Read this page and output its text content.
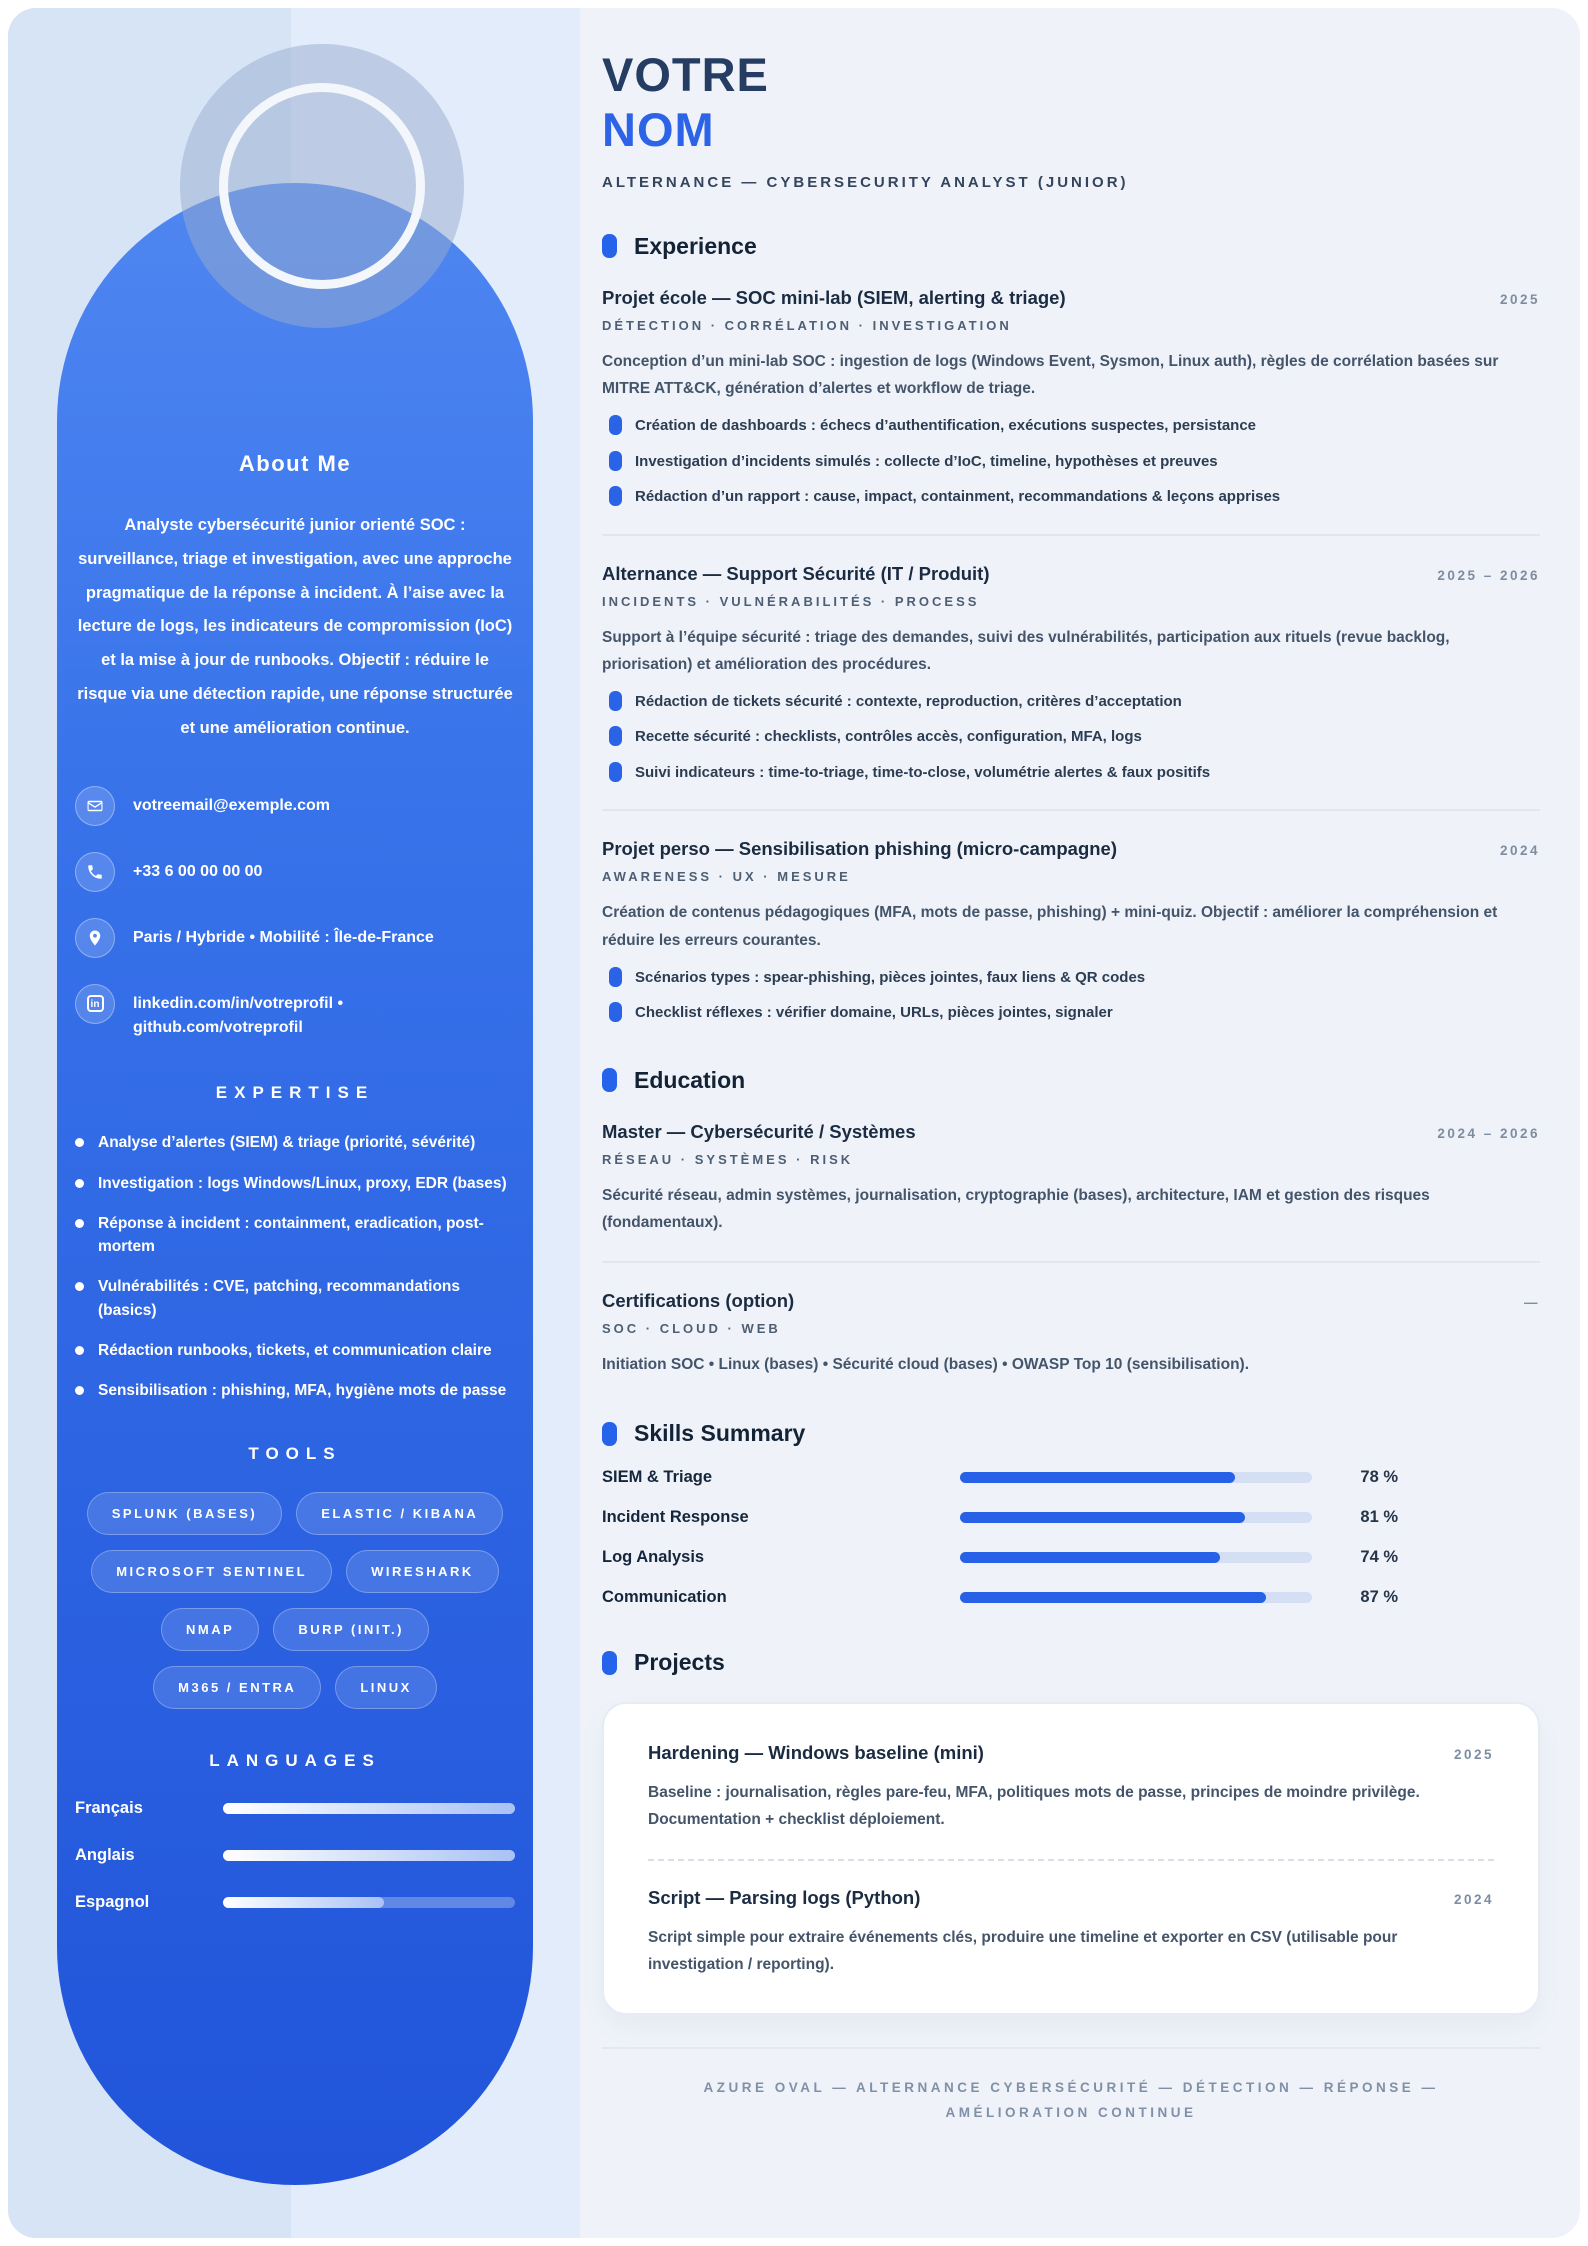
About Me
Analyste cybersécurité junior orienté SOC : surveillance, triage et investigation, avec une approche pragmatique de la réponse à incident. À l’aise avec la lecture de logs, les indicateurs de compromission (IoC) et la mise à jour de runbooks. Objectif : réduire le risque via une détection rapide, une réponse structurée et une amélioration continue.
votreemail@exemple.com
+33 6 00 00 00 00
Paris / Hybride • Mobilité : Île-de-France
in linkedin.com/in/votreprofil • github.com/votreprofil
EXPERTISE
Analyse d’alertes (SIEM) & triage (priorité, sévérité)
Investigation : logs Windows/Linux, proxy, EDR (bases)
Réponse à incident : containment, eradication, post-mortem
Vulnérabilités : CVE, patching, recommandations (basics)
Rédaction runbooks, tickets, et communication claire
Sensibilisation : phishing, MFA, hygiène mots de passe
TOOLS
SPLUNK (BASES)	ELASTIC / KIBANA
MICROSOFT SENTINEL	WIRESHARK
NMAP	BURP (INIT.)
M365 / ENTRA	LINUX
LANGUAGES
Français
Anglais
Espagnol
VOTRE
NOM
ALTERNANCE — CYBERSECURITY ANALYST (JUNIOR)
Experience
Projet école — SOC mini-lab (SIEM, alerting & triage)	2025
DÉTECTION · CORRÉLATION · INVESTIGATION
Conception d’un mini-lab SOC : ingestion de logs (Windows Event, Sysmon, Linux auth), règles de corrélation basées sur MITRE ATT&CK, génération d’alertes et workflow de triage.
Création de dashboards : échecs d’authentification, exécutions suspectes, persistance
Investigation d’incidents simulés : collecte d’IoC, timeline, hypothèses et preuves
Rédaction d’un rapport : cause, impact, containment, recommandations & leçons apprises
Alternance — Support Sécurité (IT / Produit)	2025 – 2026
INCIDENTS · VULNÉRABILITÉS · PROCESS
Support à l’équipe sécurité : triage des demandes, suivi des vulnérabilités, participation aux rituels (revue backlog, priorisation) et amélioration des procédures.
Rédaction de tickets sécurité : contexte, reproduction, critères d’acceptation
Recette sécurité : checklists, contrôles accès, configuration, MFA, logs
Suivi indicateurs : time-to-triage, time-to-close, volumétrie alertes & faux positifs
Projet perso — Sensibilisation phishing (micro-campagne)	2024
AWARENESS · UX · MESURE
Création de contenus pédagogiques (MFA, mots de passe, phishing) + mini-quiz. Objectif : améliorer la compréhension et réduire les erreurs courantes.
Scénarios types : spear-phishing, pièces jointes, faux liens & QR codes
Checklist réflexes : vérifier domaine, URLs, pièces jointes, signaler
Education
Master — Cybersécurité / Systèmes	2024 – 2026
RÉSEAU · SYSTÈMES · RISK
Sécurité réseau, admin systèmes, journalisation, cryptographie (bases), architecture, IAM et gestion des risques (fondamentaux).
Certifications (option)	—
SOC · CLOUD · WEB
Initiation SOC • Linux (bases) • Sécurité cloud (bases) • OWASP Top 10 (sensibilisation).
Skills Summary
SIEM & Triage	78 %
Incident Response	81 %
Log Analysis	74 %
Communication	87 %
Projects
Hardening — Windows baseline (mini)	2025
Baseline : journalisation, règles pare-feu, MFA, politiques mots de passe, principes de moindre privilège. Documentation + checklist déploiement.
Script — Parsing logs (Python)	2024
Script simple pour extraire événements clés, produire une timeline et exporter en CSV (utilisable pour investigation / reporting).
AZURE OVAL — ALTERNANCE CYBERSÉCURITÉ — DÉTECTION — RÉPONSE — AMÉLIORATION CONTINUE
